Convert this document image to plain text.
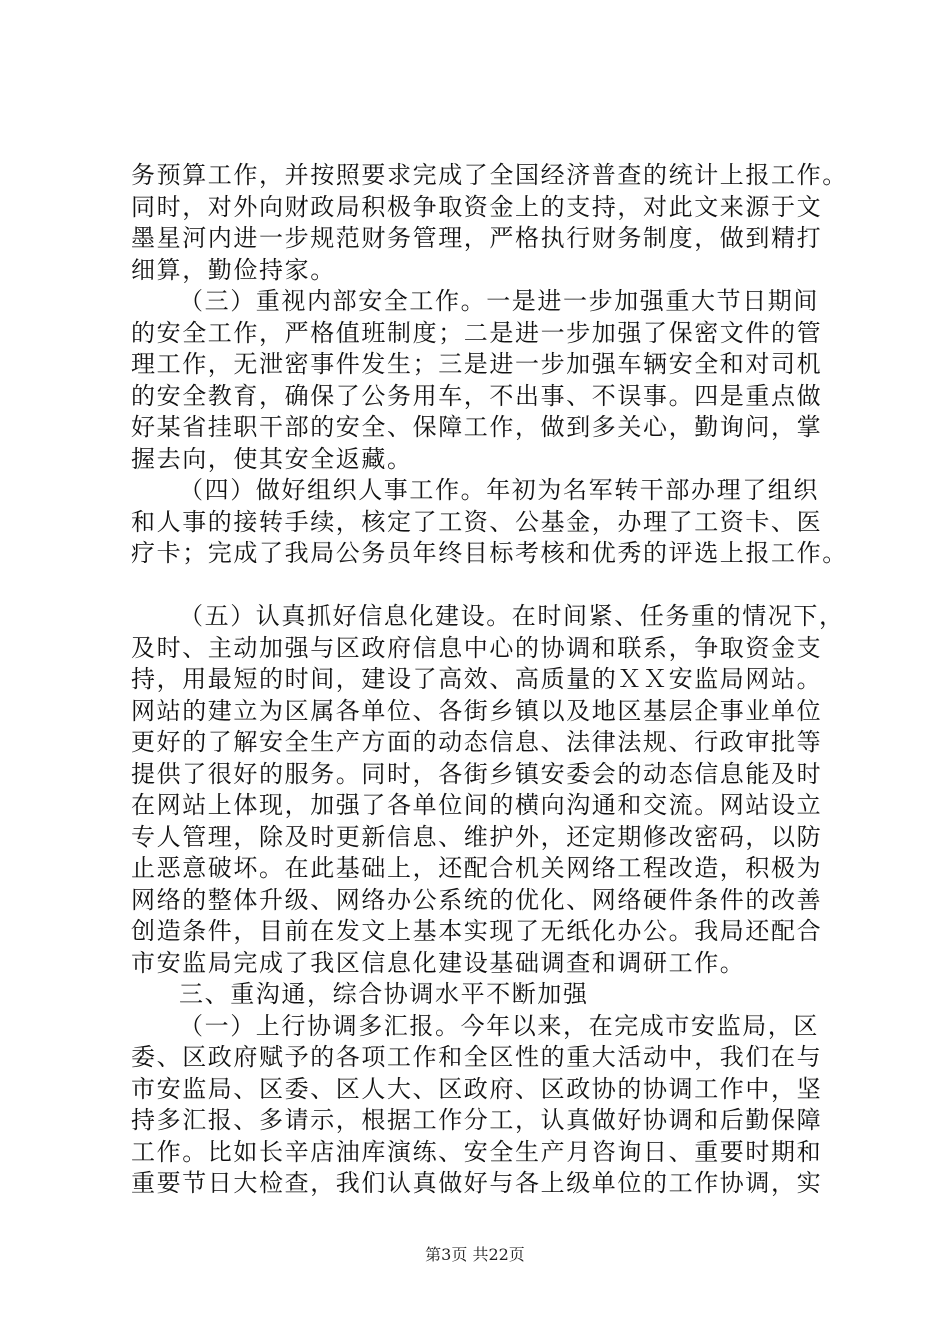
务预算工作，并按照要求完成了全国经济普查的统计上报工作。
同时，对外向财政局积极争取资金上的支持，对此文来源于文
墨星河内进一步规范财务管理，严格执行财务制度，做到精打
细算，勤俭持家。
（三）重视内部安全工作。一是进一步加强重大节日期间
的安全工作，严格值班制度；二是进一步加强了保密文件的管
理工作，无泄密事件发生；三是进一步加强车辆安全和对司机
的安全教育，确保了公务用车，不出事、不误事。四是重点做
好某省挂职干部的安全、保障工作，做到多关心，勤询问，掌
握去向，使其安全返藏。
（四）做好组织人事工作。年初为名军转干部办理了组织
和人事的接转手续，核定了工资、公基金，办理了工资卡、医
疗卡；完成了我局公务员年终目标考核和优秀的评选上报工作。
（五）认真抓好信息化建设。在时间紧、任务重的情况下，
及时、主动加强与区政府信息中心的协调和联系，争取资金支
持，用最短的时间，建设了高效、高质量的ＸＸ安监局网站。
网站的建立为区属各单位、各街乡镇以及地区基层企事业单位
更好的了解安全生产方面的动态信息、法律法规、行政审批等
提供了很好的服务。同时，各街乡镇安委会的动态信息能及时
在网站上体现，加强了各单位间的横向沟通和交流。网站设立
专人管理，除及时更新信息、维护外，还定期修改密码，以防
止恶意破坏。在此基础上，还配合机关网络工程改造，积极为
网络的整体升级、网络办公系统的优化、网络硬件条件的改善
创造条件，目前在发文上基本实现了无纸化办公。我局还配合
市安监局完成了我区信息化建设基础调查和调研工作。
三、重沟通，综合协调水平不断加强
（一）上行协调多汇报。今年以来，在完成市安监局，区
委、区政府赋予的各项工作和全区性的重大活动中，我们在与
市安监局、区委、区人大、区政府、区政协的协调工作中，坚
持多汇报、多请示，根据工作分工，认真做好协调和后勤保障
工作。比如长辛店油库演练、安全生产月咨询日、重要时期和
重要节日大检查，我们认真做好与各上级单位的工作协调，实
第3页 共22页
